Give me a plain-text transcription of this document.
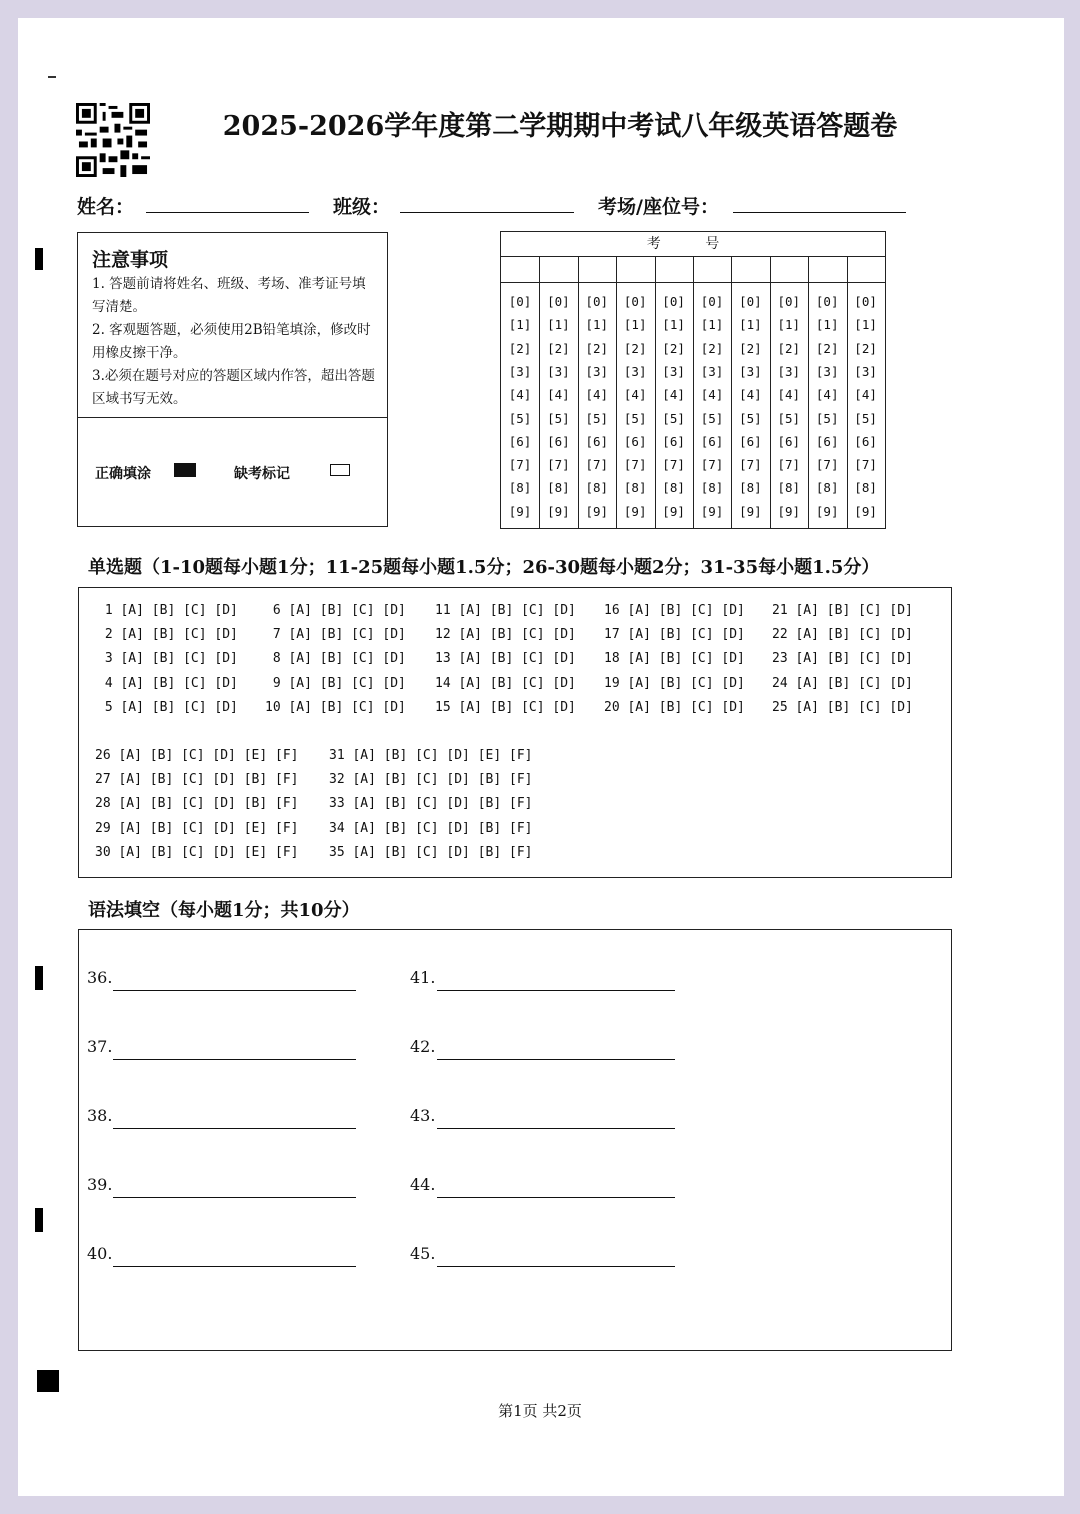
2025-2026学年度第二学期期中考试八年级英语答题卷
姓名：	班级：	考场/座位号：
注意事项
1. 答题前请将姓名、班级、考场、准考证号填写清楚。
2. 客观题答题，必须使用2B铅笔填涂，修改时用橡皮擦干净。
3.必须在题号对应的答题区域内作答，超出答题区域书写无效。
正确填涂	缺考标记
考 号
[0]	[0]	[0]	[0]	[0]	[0]	[0]	[0]	[0]	[0]
[1]	[1]	[1]	[1]	[1]	[1]	[1]	[1]	[1]	[1]
[2]	[2]	[2]	[2]	[2]	[2]	[2]	[2]	[2]	[2]
[3]	[3]	[3]	[3]	[3]	[3]	[3]	[3]	[3]	[3]
[4]	[4]	[4]	[4]	[4]	[4]	[4]	[4]	[4]	[4]
[5]	[5]	[5]	[5]	[5]	[5]	[5]	[5]	[5]	[5]
[6]	[6]	[6]	[6]	[6]	[6]	[6]	[6]	[6]	[6]
[7]	[7]	[7]	[7]	[7]	[7]	[7]	[7]	[7]	[7]
[8]	[8]	[8]	[8]	[8]	[8]	[8]	[8]	[8]	[8]
[9]	[9]	[9]	[9]	[9]	[9]	[9]	[9]	[9]	[9]
单选题（1-10题每小题1分；11-25题每小题1.5分；26-30题每小题2分；31-35每小题1.5分）
1 [A] [B] [C] [D]
2 [A] [B] [C] [D]
3 [A] [B] [C] [D]
4 [A] [B] [C] [D]
5 [A] [B] [C] [D]
6 [A] [B] [C] [D]
7 [A] [B] [C] [D]
8 [A] [B] [C] [D]
9 [A] [B] [C] [D]
10 [A] [B] [C] [D]
11 [A] [B] [C] [D]
12 [A] [B] [C] [D]
13 [A] [B] [C] [D]
14 [A] [B] [C] [D]
15 [A] [B] [C] [D]
16 [A] [B] [C] [D]
17 [A] [B] [C] [D]
18 [A] [B] [C] [D]
19 [A] [B] [C] [D]
20 [A] [B] [C] [D]
21 [A] [B] [C] [D]
22 [A] [B] [C] [D]
23 [A] [B] [C] [D]
24 [A] [B] [C] [D]
25 [A] [B] [C] [D]
26 [A] [B] [C] [D] [E] [F]
27 [A] [B] [C] [D] [B] [F]
28 [A] [B] [C] [D] [B] [F]
29 [A] [B] [C] [D] [E] [F]
30 [A] [B] [C] [D] [E] [F]
31 [A] [B] [C] [D] [E] [F]
32 [A] [B] [C] [D] [B] [F]
33 [A] [B] [C] [D] [B] [F]
34 [A] [B] [C] [D] [B] [F]
35 [A] [B] [C] [D] [B] [F]
语法填空（每小题1分；共10分）
36.
37.
38.
39.
40.
41.
42.
43.
44.
45.
第1页 共2页
